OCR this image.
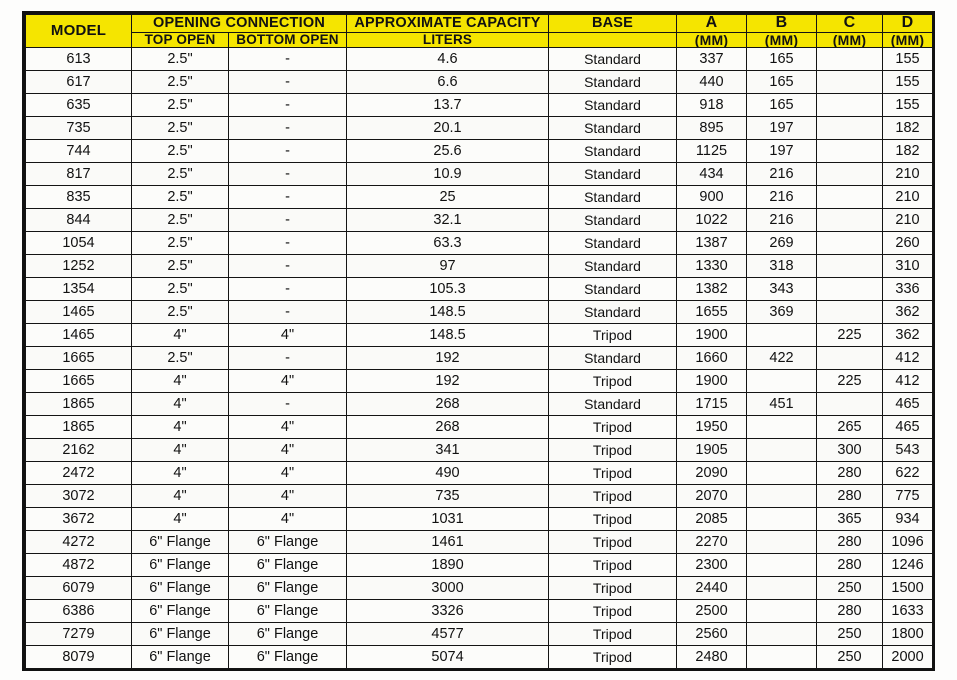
MODEL	OPENING CONNECTION		APPROXIMATE CAPACITY	BASE	A	B	C	D
	TOP OPEN	BOTTOM OPEN	LITERS		(MM)	(MM)	(MM)	(MM)
613	2.5"	-	4.6	Standard	337	165		155
617	2.5"	-	6.6	Standard	440	165		155
635	2.5"	-	13.7	Standard	918	165		155
735	2.5"	-	20.1	Standard	895	197		182
744	2.5"	-	25.6	Standard	1125	197		182
817	2.5"	-	10.9	Standard	434	216		210
835	2.5"	-	25	Standard	900	216		210
844	2.5"	-	32.1	Standard	1022	216		210
1054	2.5"	-	63.3	Standard	1387	269		260
1252	2.5"	-	97	Standard	1330	318		310
1354	2.5"	-	105.3	Standard	1382	343		336
1465	2.5"	-	148.5	Standard	1655	369		362
1465	4"	4"	148.5	Tripod	1900		225	362
1665	2.5"	-	192	Standard	1660	422		412
1665	4"	4"	192	Tripod	1900		225	412
1865	4"	-	268	Standard	1715	451		465
1865	4"	4"	268	Tripod	1950		265	465
2162	4"	4"	341	Tripod	1905		300	543
2472	4"	4"	490	Tripod	2090		280	622
3072	4"	4"	735	Tripod	2070		280	775
3672	4"	4"	1031	Tripod	2085		365	934
4272	6" Flange	6" Flange	1461	Tripod	2270		280	1096
4872	6" Flange	6" Flange	1890	Tripod	2300		280	1246
6079	6" Flange	6" Flange	3000	Tripod	2440		250	1500
6386	6" Flange	6" Flange	3326	Tripod	2500		280	1633
7279	6" Flange	6" Flange	4577	Tripod	2560		250	1800
8079	6" Flange	6" Flange	5074	Tripod	2480		250	2000
